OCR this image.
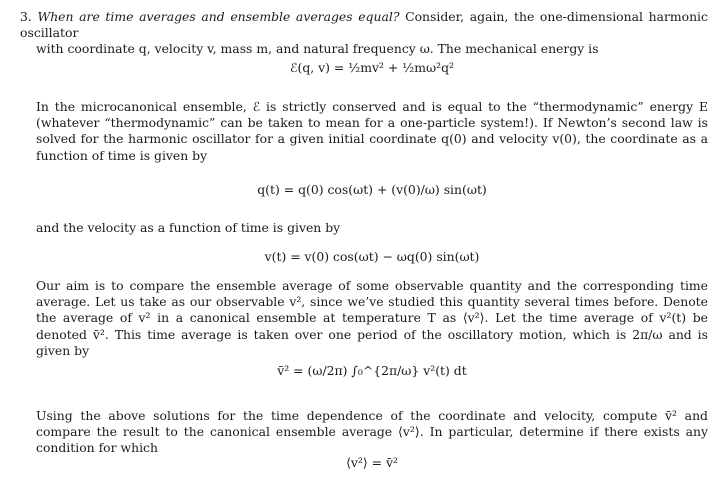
3. When are time averages and ensemble averages equal? Consider, again, the one-dimensional harmonic oscillator
with coordinate q, velocity v, mass m, and natural frequency ω. The mechanical energy is

ℰ(q, v) = ½mv² + ½mω²q²

In the microcanonical ensemble, ℰ is strictly conserved and is equal to the “thermodynamic” energy E (whatever “thermodynamic” can be taken to mean for a one-particle system!). If Newton’s second law is solved for the harmonic oscillator for a given initial coordinate q(0) and velocity v(0), the coordinate as a function of time is given by

q(t) = q(0) cos(ωt) + (v(0)/ω) sin(ωt)

and the velocity as a function of time is given by

v(t) = v(0) cos(ωt) − ωq(0) sin(ωt)

Our aim is to compare the ensemble average of some observable quantity and the corresponding time average. Let us take as our observable v², since we’ve studied this quantity several times before. Denote the average of v² in a canonical ensemble at temperature T as ⟨v²⟩. Let the time average of v²(t) be denoted v̄². This time average is taken over one period of the oscillatory motion, which is 2π/ω and is given by

v̄² = (ω/2π) ∫₀^{2π/ω} v²(t) dt

Using the above solutions for the time dependence of the coordinate and velocity, compute v̄² and compare the result to the canonical ensemble average ⟨v²⟩. In particular, determine if there exists any condition for which

⟨v²⟩ = v̄²
